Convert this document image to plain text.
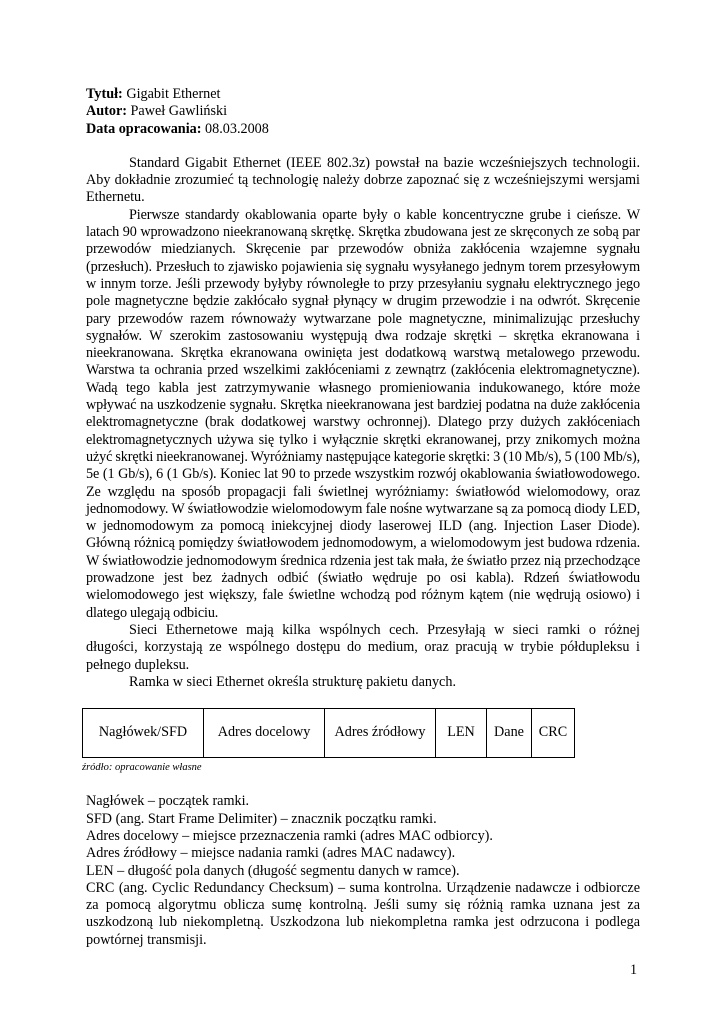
Tytuł: Gigabit Ethernet

Autor: Paweł Gawliński

Data opracowania: 08.03.2008

Standard Gigabit Ethernet (IEEE 802.3z) powstał na bazie wcześniejszych technologii. Aby dokładnie zrozumieć tą technologię należy dobrze zapoznać się z wcześniejszymi wersjami Ethernetu.

Pierwsze standardy okablowania oparte były o kable koncentryczne grube i cieńsze. W latach 90 wprowadzono nieekranowaną skrętkę. Skrętka zbudowana jest ze skręconych ze sobą par przewodów miedzianych. Skręcenie par przewodów obniża zakłócenia wzajemne sygnału (przesłuch). Przesłuch to zjawisko pojawienia się sygnału wysyłanego jednym torem przesyłowym w innym torze. Jeśli przewody byłyby równoległe to przy przesyłaniu sygnału elektrycznego jego pole magnetyczne będzie zakłócało sygnał płynący w drugim przewodzie i na odwrót. Skręcenie pary przewodów razem równoważy wytwarzane pole magnetyczne, minimalizując przesłuchy sygnałów. W szerokim zastosowaniu występują dwa rodzaje skrętki – skrętka ekranowana i nieekranowana. Skrętka ekranowana owinięta jest dodatkową warstwą metalowego przewodu. Warstwa ta ochrania przed wszelkimi zakłóceniami z zewnątrz (zakłócenia elektromagnetyczne). Wadą tego kabla jest zatrzymywanie własnego promieniowania indukowanego, które może wpływać na uszkodzenie sygnału. Skrętka nieekranowana jest bardziej podatna na duże zakłócenia elektromagnetyczne (brak dodatkowej warstwy ochronnej). Dlatego przy dużych zakłóceniach elektromagnetycznych używa się tylko i wyłącznie skrętki ekranowanej, przy znikomych można użyć skrętki nieekranowanej. Wyróżniamy następujące kategorie skrętki: 3 (10 Mb/s), 5 (100 Mb/s), 5e (1 Gb/s), 6 (1 Gb/s). Koniec lat 90 to przede wszystkim rozwój okablowania światłowodowego. Ze względu na sposób propagacji fali świetlnej wyróżniamy: światłowód wielomodowy, oraz jednomodowy. W światłowodzie wielomodowym fale nośne wytwarzane są za pomocą diody LED, w jednomodowym za pomocą iniekcyjnej diody laserowej ILD (ang. Injection Laser Diode). Główną różnicą pomiędzy światłowodem jednomodowym, a wielomodowym jest budowa rdzenia. W światłowodzie jednomodowym średnica rdzenia jest tak mała, że światło przez nią przechodzące prowadzone jest bez żadnych odbić (światło wędruje po osi kabla). Rdzeń światłowodu wielomodowego jest większy, fale świetlne wchodzą pod różnym kątem (nie wędrują osiowo) i dlatego ulegają odbiciu.

Sieci Ethernetowe mają kilka wspólnych cech. Przesyłają w sieci ramki o różnej długości, korzystają ze wspólnego dostępu do medium, oraz pracują w trybie półdupleksu i pełnego dupleksu.

Ramka w sieci Ethernet określa strukturę pakietu danych.

Nagłówek/SFD	Adres docelowy	Adres źródłowy	LEN	Dane	CRC

źródło: opracowanie własne

Nagłówek – początek ramki.

SFD (ang. Start Frame Delimiter) – znacznik początku ramki.

Adres docelowy – miejsce przeznaczenia ramki (adres MAC odbiorcy).

Adres źródłowy – miejsce nadania ramki (adres MAC nadawcy).

LEN – długość pola danych (długość segmentu danych w ramce).

CRC (ang. Cyclic Redundancy Checksum) – suma kontrolna. Urządzenie nadawcze i odbiorcze za pomocą algorytmu oblicza sumę kontrolną. Jeśli sumy się różnią ramka uznana jest za uszkodzoną lub niekompletną. Uszkodzona lub niekompletna ramka jest odrzucona i podlega powtórnej transmisji.

1
